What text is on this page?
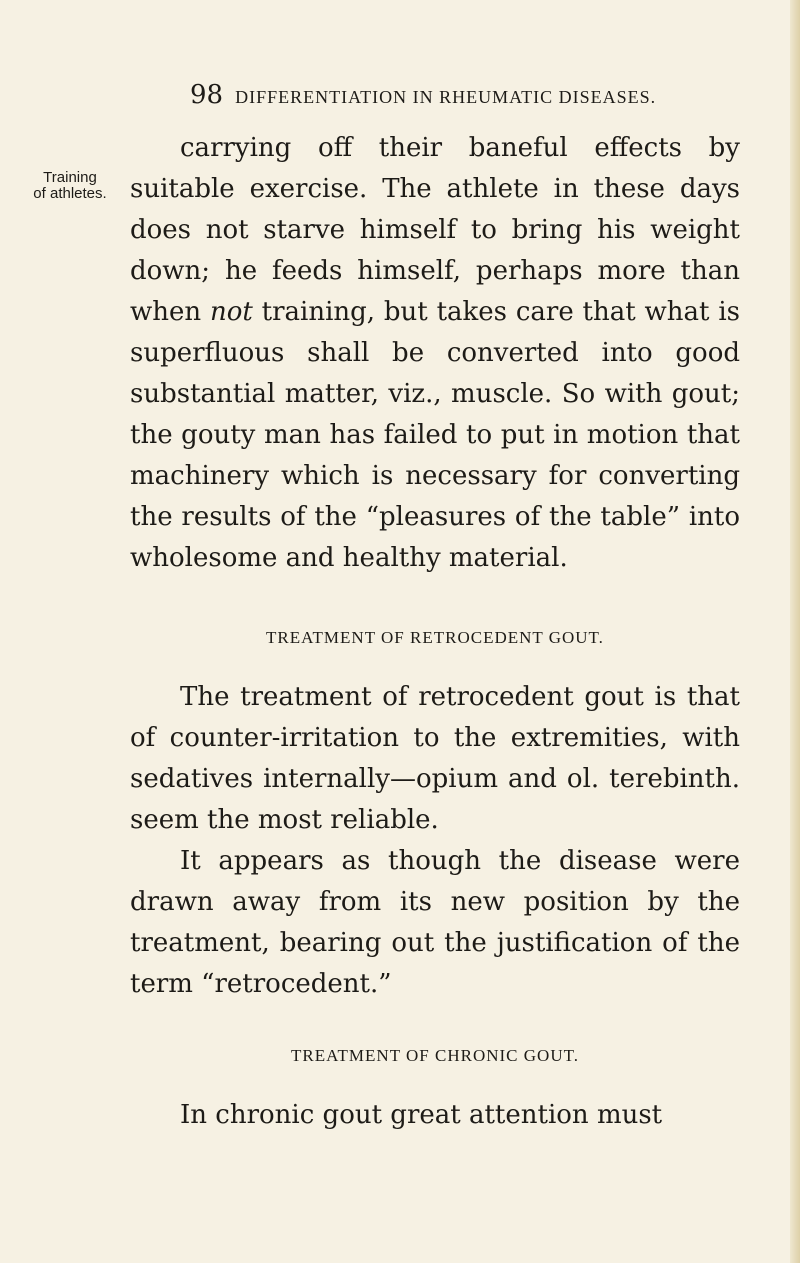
98 DIFFERENTIATION IN RHEUMATIC DISEASES.
Training
of athletes.

carrying off their baneful effects by suitable exercise. The athlete in these days does not starve himself to bring his weight down; he feeds himself, perhaps more than when not training, but takes care that what is superfluous shall be converted into good substantial matter, viz., muscle. So with gout; the gouty man has failed to put in motion that machinery which is necessary for converting the results of the “pleasures of the table” into wholesome and healthy material.

TREATMENT OF RETROCEDENT GOUT.

The treatment of retrocedent gout is that of counter-irritation to the extremities, with sedatives internally—opium and ol. terebinth. seem the most reliable.

It appears as though the disease were drawn away from its new position by the treatment, bearing out the justification of the term “retrocedent.”

TREATMENT OF CHRONIC GOUT.

In chronic gout great attention must
